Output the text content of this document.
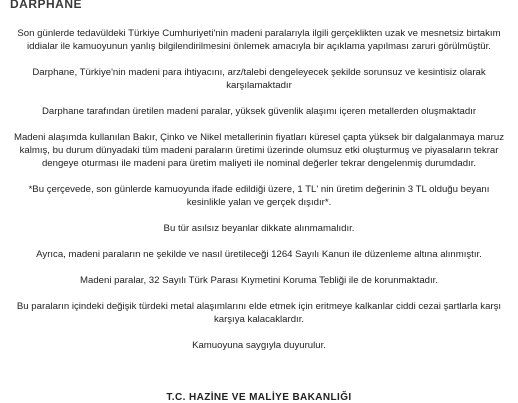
DARPHANE

Son günlerde tedavüldeki Türkiye Cumhuriyeti'nin madeni paralarıyla ilgili gerçeklikten uzak ve mesnetsiz birtakım iddialar ile kamuoyunun yanlış bilgilendirilmesini önlemek amacıyla bir açıklama yapılması zaruri görülmüştür.

Darphane, Türkiye'nin madeni para ihtiyacını, arz/talebi dengeleyecek şekilde sorunsuz ve kesintisiz olarak karşılamaktadır

Darphane tarafından üretilen madeni paralar, yüksek güvenlik alaşımı içeren metallerden oluşmaktadır

Madeni alaşımda kullanılan Bakır, Çinko ve Nikel metallerinin fiyatları küresel çapta yüksek bir dalgalanmaya maruz kalmış, bu durum dünyadaki tüm madeni paraların üretimi üzerinde olumsuz etki oluşturmuş ve piyasaların tekrar dengeye oturması ile madeni para üretim maliyeti ile nominal değerler tekrar dengelenmiş durumdadır.

*Bu çerçevede, son günlerde kamuoyunda ifade edildiği üzere, 1 TL' nin üretim değerinin 3 TL olduğu beyanı kesinlikle yalan ve gerçek dışıdır*.

Bu tür asılsız beyanlar dikkate alınmamalıdır.

Ayrıca, madeni paraların ne şekilde ve nasıl üretileceği 1264 Sayılı Kanun ile düzenleme altına alınmıştır.

Madeni paralar, 32 Sayılı Türk Parası Kıymetini Koruma Tebliği ile de korunmaktadır.

Bu paraların içindeki değişik türdeki metal alaşımlarını elde etmek için eritmeye kalkanlar ciddi cezai şartlarla karşı karşıya kalacaklardır.

Kamuoyuna saygıyla duyurulur.

T.C. HAZİNE VE MALİYE BAKANLIĞI
